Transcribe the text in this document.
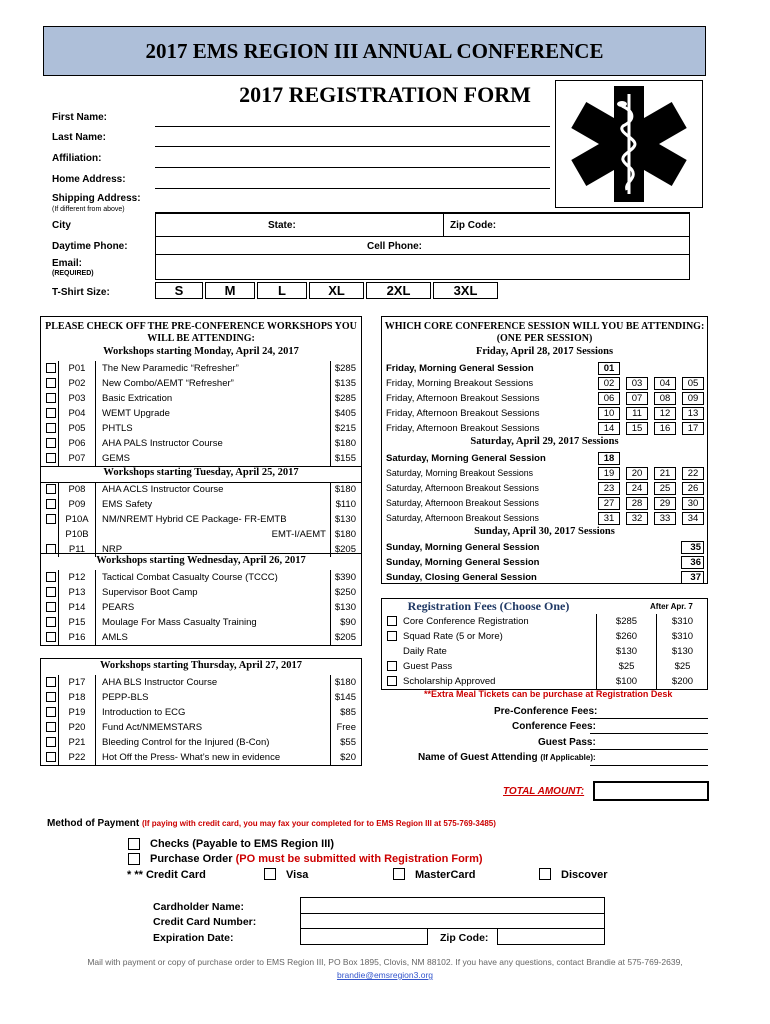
2017 EMS REGION III ANNUAL CONFERENCE
2017 REGISTRATION FORM
First Name:
Last Name:
Affiliation:
Home Address:
Shipping Address:
(If different from above)
City	State:	Zip Code:
Daytime Phone:	Cell Phone:
Email:
(REQUIRED)
T-Shirt Size:	S	M	L	XL	2XL	3XL
PLEASE CHECK OFF THE PRE-CONFERENCE WORKSHOPS YOU
WILL BE ATTENDING:
Workshops starting Monday, April 24, 2017
Workshops starting Tuesday, April 25, 2017
Workshops starting Wednesday, April 26, 2017
Workshops starting Thursday, April 27, 2017
P01	The New Paramedic “Refresher”	$285
P02	New Combo/AEMT “Refresher”	$135
P03	Basic Extrication	$285
P04	WEMT Upgrade	$405
P05	PHTLS	$215
P06	AHA PALS Instructor Course	$180
P07	GEMS	$155
P08	AHA ACLS Instructor Course	$180
P09	EMS Safety	$110
P10A	NM/NREMT Hybrid CE Package- FR-EMTB	$130
P10B	EMT-I/AEMT $180
P11	NRP	$205
P12	Tactical Combat Casualty Course (TCCC)	$390
P13	Supervisor Boot Camp	$250
P14	PEARS	$130
P15	Moulage For Mass Casualty Training	$90
P16	AMLS	$205
P17	AHA BLS Instructor Course	$180
P18	PEPP-BLS	$145
P19	Introduction to ECG	$85
P20	Fund Act/NMEMSTARS	Free
P21	Bleeding Control for the Injured (B-Con)	$55
P22	Hot Off the Press- What’s new in evidence	$20
WHICH CORE CONFERENCE SESSION WILL YOU BE ATTENDING:
(ONE PER SESSION)
Friday, April 28, 2017 Sessions
Saturday, April 29, 2017 Sessions
Sunday, April 30, 2017 Sessions
Friday, Morning General Session	01
Friday, Morning Breakout Sessions	02	03	04	05
Friday, Afternoon Breakout Sessions	06	07	08	09
Friday, Afternoon Breakout Sessions	10	11	12	13
Friday, Afternoon Breakout Sessions	14	15	16	17
Saturday, Morning General Session	18
Saturday, Morning Breakout Sessions	19	20	21	22
Saturday, Afternoon Breakout Sessions	23	24	25	26
Saturday, Afternoon Breakout Sessions	27	28	29	30
Saturday, Afternoon Breakout Sessions	31	32	33	34
Sunday, Morning General Session	35
Sunday, Morning General Session	36
Sunday, Closing General Session	37
Registration Fees (Choose One)	After Apr. 7
Core Conference Registration	$285	$310
Squad Rate (5 or More)	$260	$310
Daily Rate	$130	$130
Guest Pass	$25	$25
Scholarship Approved	$100	$200
**Extra Meal Tickets can be purchase at Registration Desk
Pre-Conference Fees:
Conference Fees:
Guest Pass:
Name of Guest Attending (If Applicable):
TOTAL AMOUNT:
Method of Payment (If paying with credit card, you may fax your completed for to EMS Region III at 575-769-3485)
Checks (Payable to EMS Region III)
Purchase Order (PO must be submitted with Registration Form)
* ** Credit Card	Visa	MasterCard	Discover
Cardholder Name:
Credit Card Number:
Expiration Date:	Zip Code:
Mail with payment or copy of purchase order to EMS Region III, PO Box 1895, Clovis, NM 88102. If you have any questions, contact Brandie at 575-769-2639,
brandie@emsregion3.org
